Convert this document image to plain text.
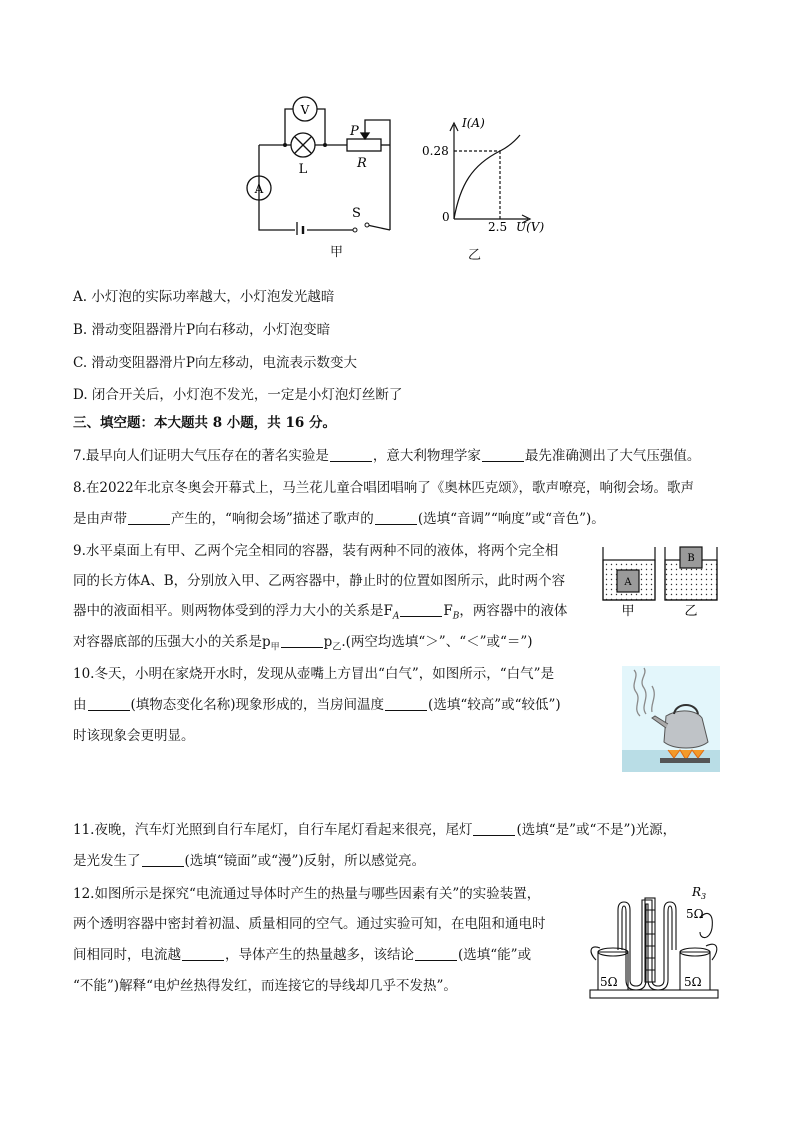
V
A
L
P
R
S
甲
I(A)
0.28
0
2.5 U(V)
乙
A. 小灯泡的实际功率越大，小灯泡发光越暗
B. 滑动变阻器滑片P向右移动，小灯泡变暗
C. 滑动变阻器滑片P向左移动，电流表示数变大
D. 闭合开关后，小灯泡不发光，一定是小灯泡灯丝断了
三、填空题：本大题共 8 小题，共 16 分。
7.最早向人们证明大气压存在的著名实验是	，意大利物理学家	最先准确测出了大气压强值。
8.在2022年北京冬奥会开幕式上，马兰花儿童合唱团唱响了《奥林匹克颂》，歌声嘹亮，响彻会场。歌声
是由声带	产生的，“响彻会场”描述了歌声的	(选填“音调”“响度”或“音色”)。
9.水平桌面上有甲、乙两个完全相同的容器，装有两种不同的液体，将两个完全相
同的长方体A、B，分别放入甲、乙两容器中，静止时的位置如图所示，此时两个容
器中的液面相平。则两物体受到的浮力大小的关系是$F_A$	$F_B$，两容器中的液体
对容器底部的压强大小的关系是$p_甲$	$p_乙$.(两空均选填“＞”、“＜”或“＝”)
A
B
甲	乙
10.冬天，小明在家烧开水时，发现从壶嘴上方冒出“白气”，如图所示，“白气”是
由	(填物态变化名称)现象形成的，当房间温度	(选填“较高”或“较低”)
时该现象会更明显。
11.夜晚，汽车灯光照到自行车尾灯，自行车尾灯看起来很亮，尾灯	(选填“是”或“不是”)光源，
是光发生了	(选填“镜面”或“漫”)反射，所以感觉亮。
12.如图所示是探究“电流通过导体时产生的热量与哪些因素有关”的实验装置，
两个透明容器中密封着初温、质量相同的空气。通过实验可知，在电阻和通电时
间相同时，电流越	，导体产生的热量越多，该结论	(选填“能”或
“不能”)解释“电炉丝热得发红，而连接它的导线却几乎不发热”。
$R_3$
5Ω
5Ω	5Ω
